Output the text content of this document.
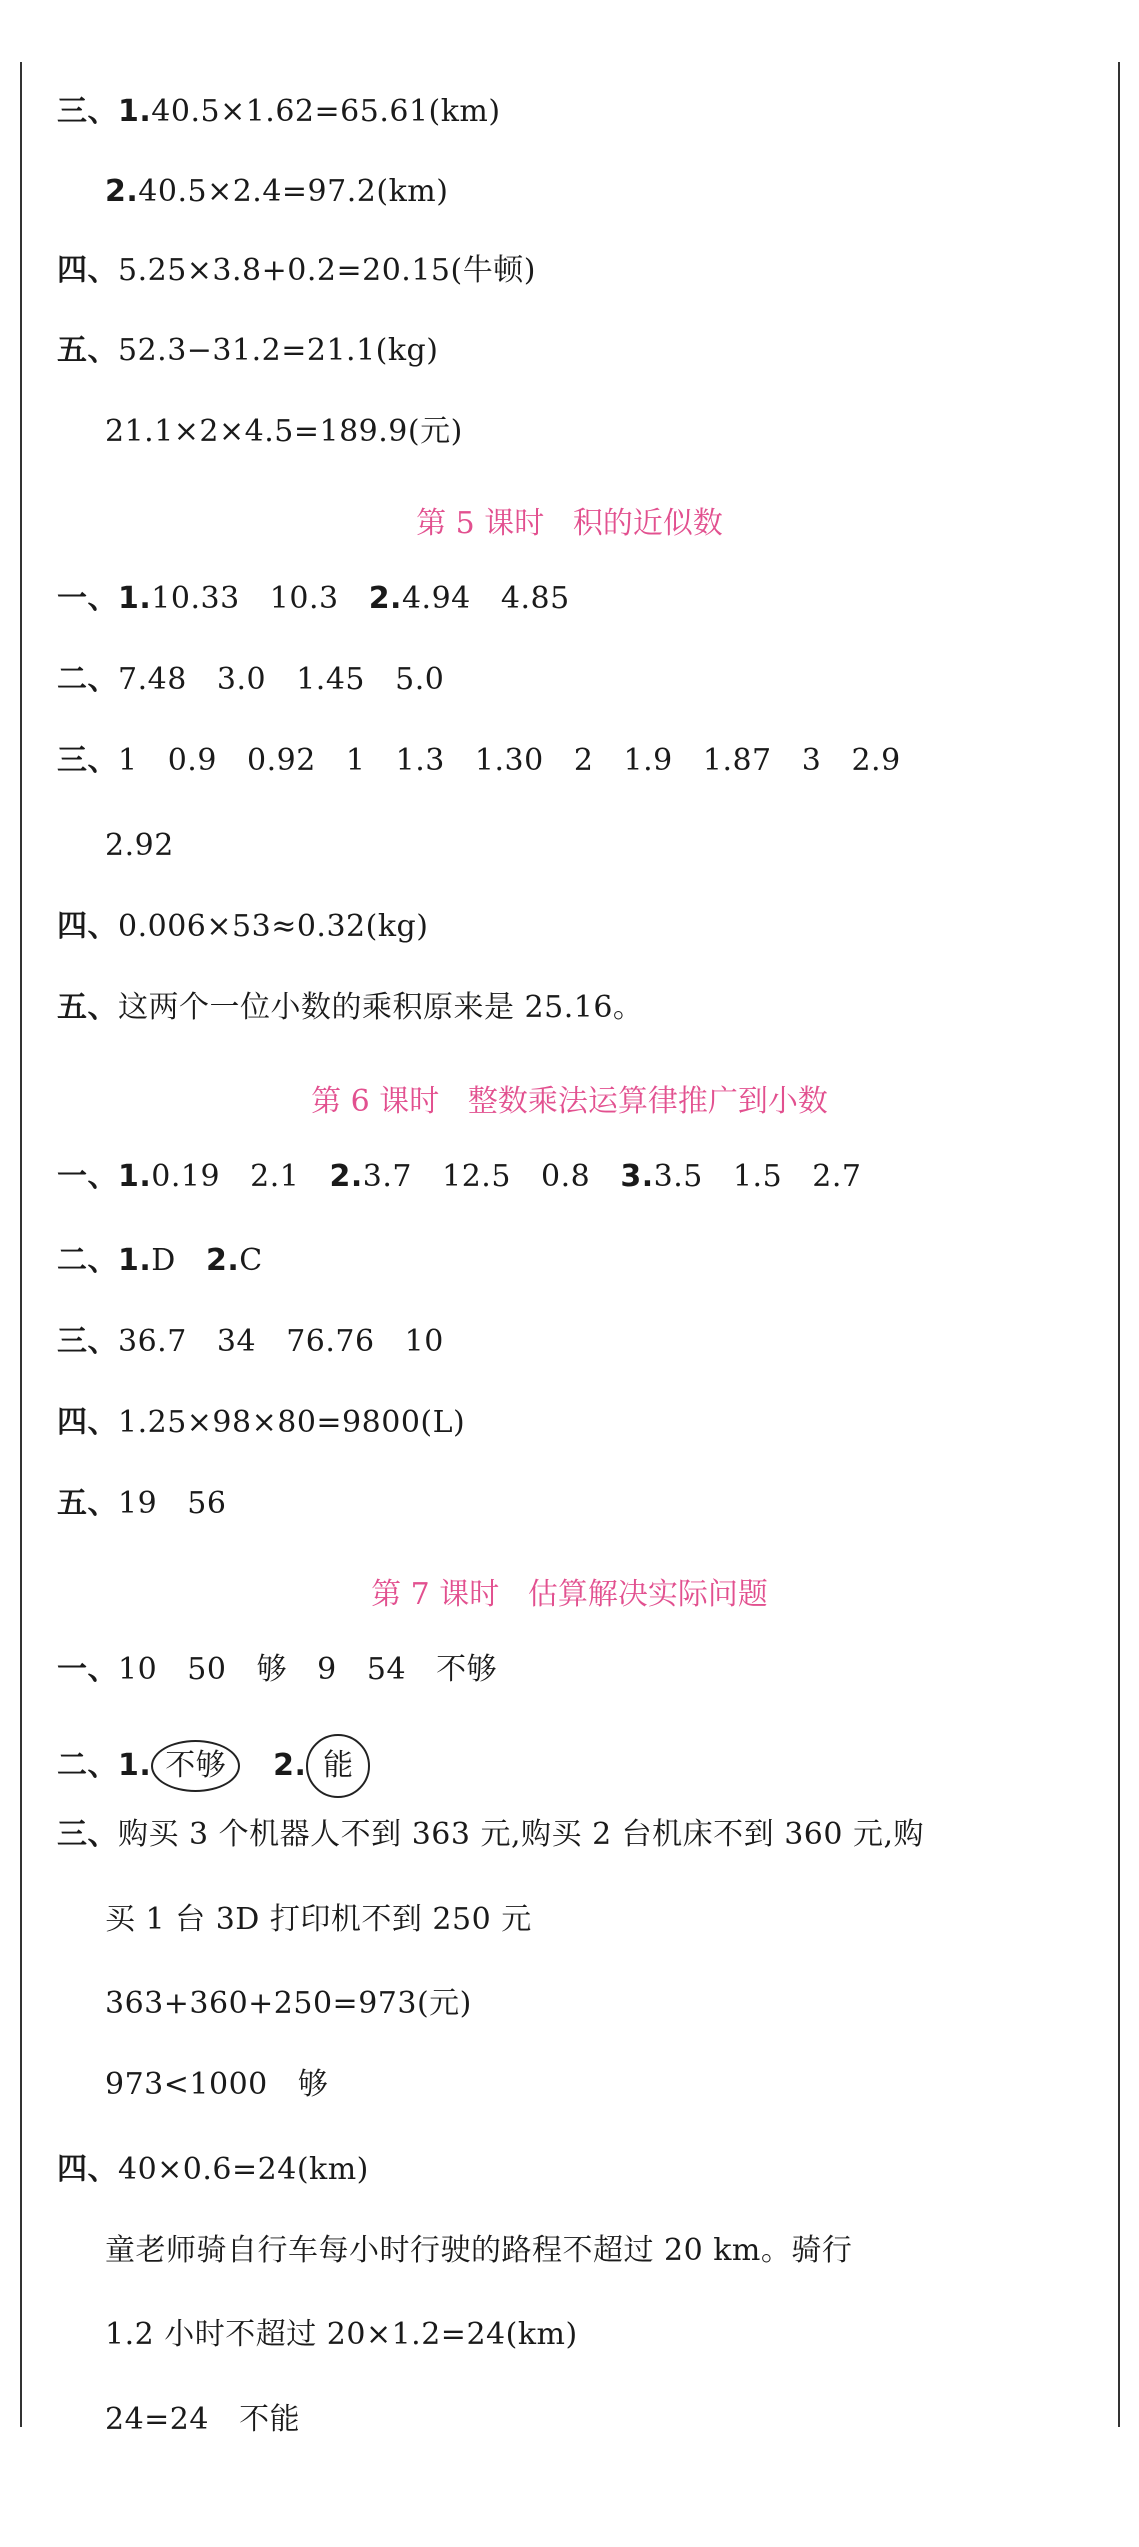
三、1.40.5×1.62=65.61(km)
2.40.5×2.4=97.2(km)
四、5.25×3.8+0.2=20.15(牛顿)
五、52.3−31.2=21.1(kg)
21.1×2×4.5=189.9(元)
第 5 课时   积的近似数
一、1.10.33   10.3   2.4.94   4.85
二、7.48   3.0   1.45   5.0
三、1   0.9   0.92   1   1.3   1.30   2   1.9   1.87   3   2.9
2.92
四、0.006×53≈0.32(kg)
五、这两个一位小数的乘积原来是 25.16。
第 6 课时   整数乘法运算律推广到小数
一、1.0.19   2.1   2.3.7   12.5   0.8   3.3.5   1.5   2.7
二、1.D   2.C
三、36.7   34   76.76   10
四、1.25×98×80=9800(L)
五、19   56
第 7 课时   估算解决实际问题
一、10   50   够   9   54   不够
二、1. 不够   2. 能
三、购买 3 个机器人不到 363 元,购买 2 台机床不到 360 元,购
买 1 台 3D 打印机不到 250 元
363+360+250=973(元)
973<1000   够
四、40×0.6=24(km)
童老师骑自行车每小时行驶的路程不超过 20 km。骑行
1.2 小时不超过 20×1.2=24(km)
24=24   不能
